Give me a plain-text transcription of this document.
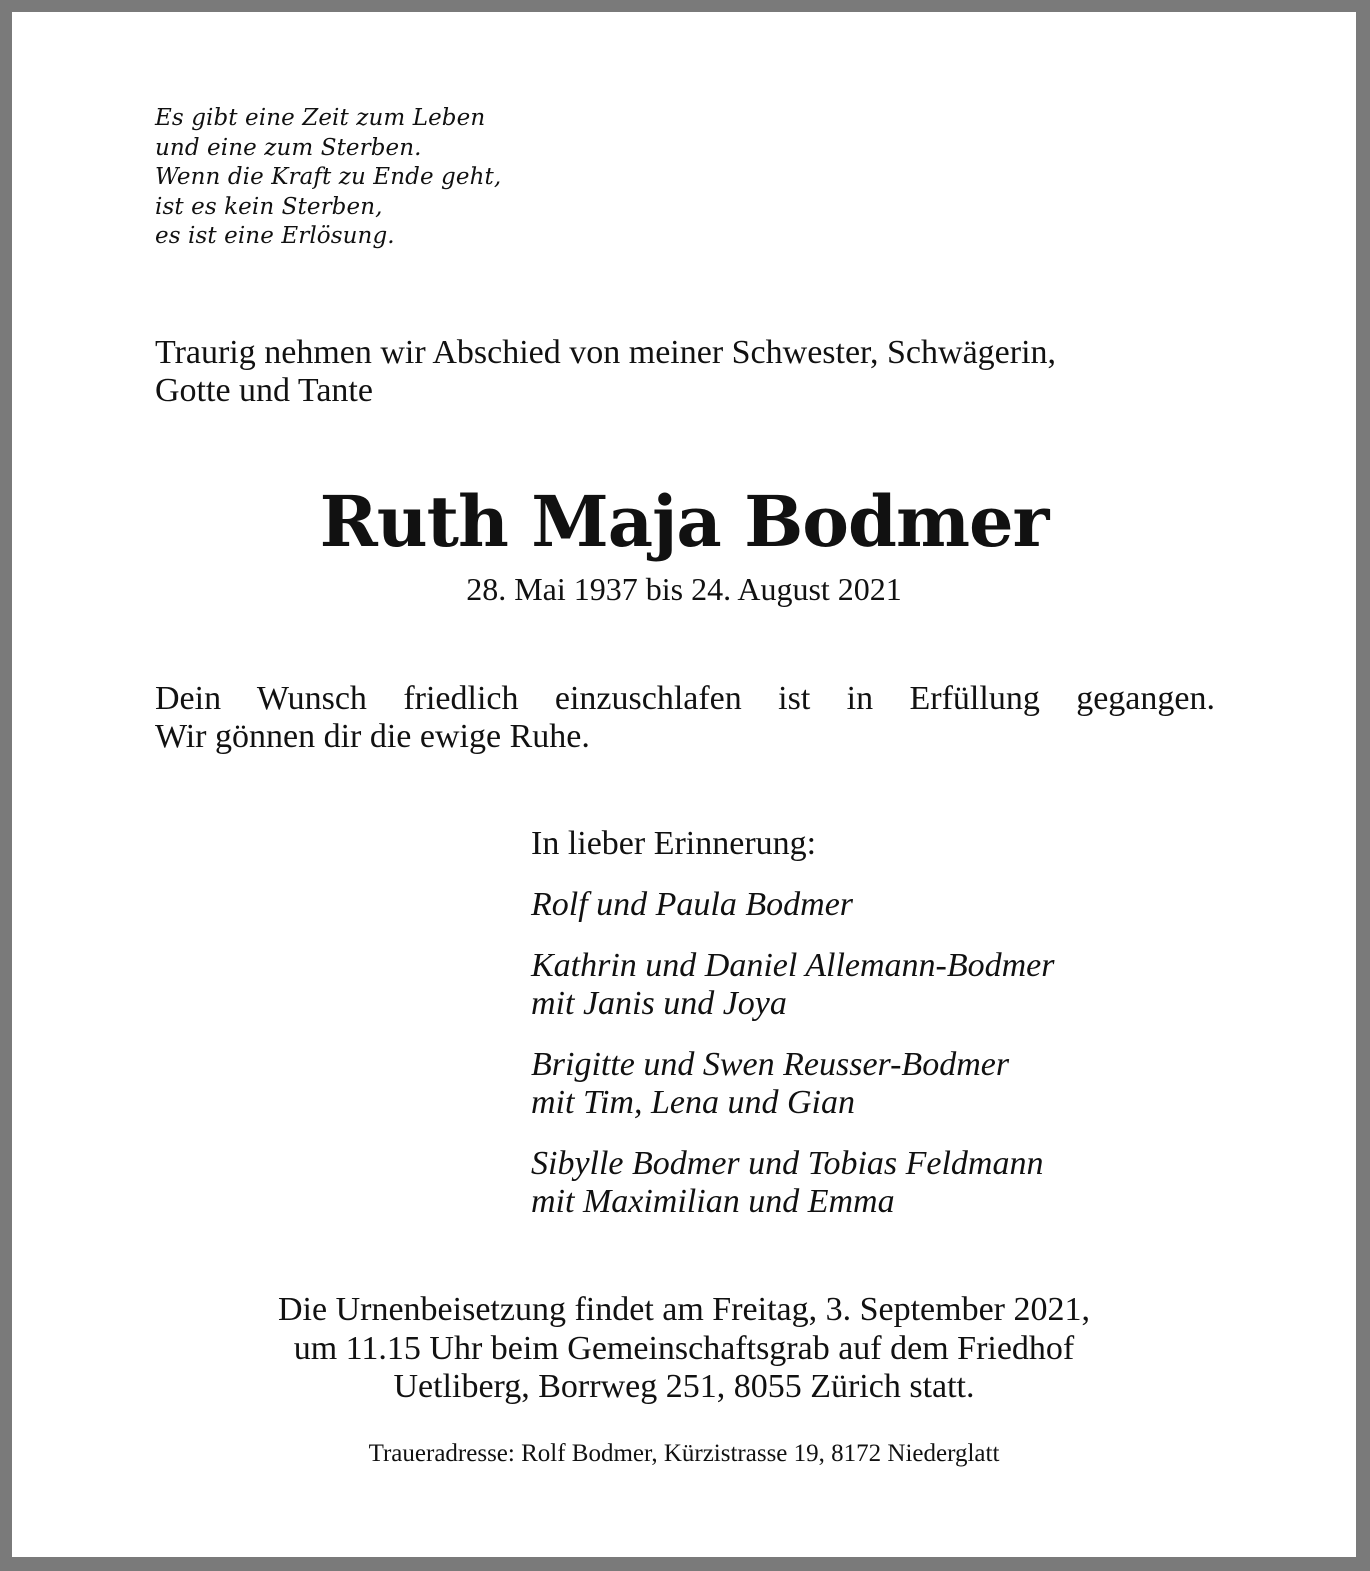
Es gibt eine Zeit zum Leben
und eine zum Sterben.
Wenn die Kraft zu Ende geht,
ist es kein Sterben,
es ist eine Erlösung.
Traurig nehmen wir Abschied von meiner Schwester, Schwägerin,
Gotte und Tante
Ruth Maja Bodmer
28. Mai 1937 bis 24. August 2021
Dein Wunsch friedlich einzuschlafen ist in Erfüllung gegangen.
Wir gönnen dir die ewige Ruhe.
In lieber Erinnerung:
Rolf und Paula Bodmer
Kathrin und Daniel Allemann-Bodmer
mit Janis und Joya
Brigitte und Swen Reusser-Bodmer
mit Tim, Lena und Gian
Sibylle Bodmer und Tobias Feldmann
mit Maximilian und Emma
Die Urnenbeisetzung findet am Freitag, 3. September 2021,
um 11.15 Uhr beim Gemeinschaftsgrab auf dem Friedhof
Uetliberg, Borrweg 251, 8055 Zürich statt.
Traueradresse: Rolf Bodmer, Kürzistrasse 19, 8172 Niederglatt
